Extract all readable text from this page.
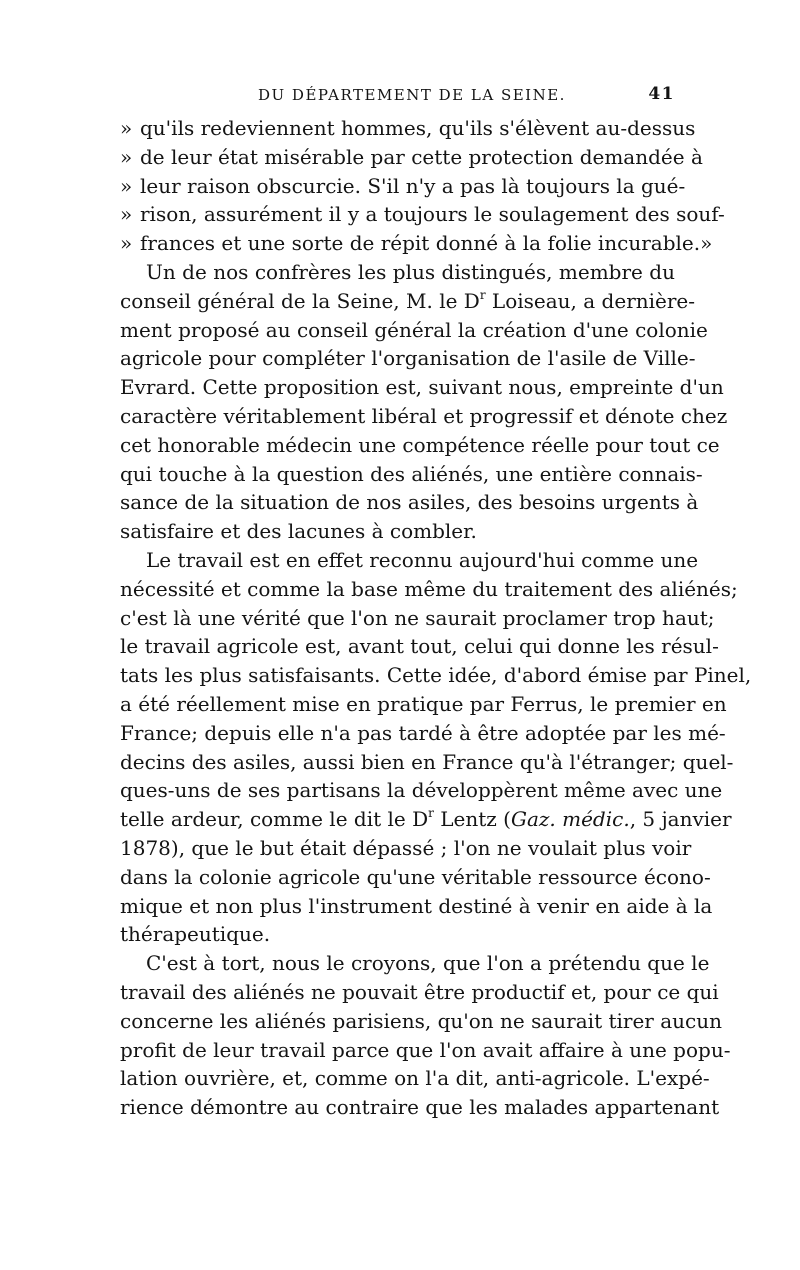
DU DÉPARTEMENT DE LA SEINE.	41
» qu'ils redeviennent hommes, qu'ils s'élèvent au-dessus
» de leur état misérable par cette protection demandée à
» leur raison obscurcie. S'il n'y a pas là toujours la gué-
» rison, assurément il y a toujours le soulagement des souf-
» frances et une sorte de répit donné à la folie incurable.»
Un de nos confrères les plus distingués, membre du
conseil général de la Seine, M. le $D^r$ Loiseau, a dernière-
ment proposé au conseil général la création d'une colonie
agricole pour compléter l'organisation de l'asile de Ville-
Evrard. Cette proposition est, suivant nous, empreinte d'un
caractère véritablement libéral et progressif et dénote chez
cet honorable médecin une compétence réelle pour tout ce
qui touche à la question des aliénés, une entière connais-
sance de la situation de nos asiles, des besoins urgents à
satisfaire et des lacunes à combler.
Le travail est en effet reconnu aujourd'hui comme une
nécessité et comme la base même du traitement des aliénés;
c'est là une vérité que l'on ne saurait proclamer trop haut;
le travail agricole est, avant tout, celui qui donne les résul-
tats les plus satisfaisants. Cette idée, d'abord émise par Pinel,
a été réellement mise en pratique par Ferrus, le premier en
France; depuis elle n'a pas tardé à être adoptée par les mé-
decins des asiles, aussi bien en France qu'à l'étranger; quel-
ques-uns de ses partisans la développèrent même avec une
telle ardeur, comme le dit le $D^r$ Lentz (Gaz. médic., 5 janvier
1878), que le but était dépassé ; l'on ne voulait plus voir
dans la colonie agricole qu'une véritable ressource écono-
mique et non plus l'instrument destiné à venir en aide à la
thérapeutique.
C'est à tort, nous le croyons, que l'on a prétendu que le
travail des aliénés ne pouvait être productif et, pour ce qui
concerne les aliénés parisiens, qu'on ne saurait tirer aucun
profit de leur travail parce que l'on avait affaire à une popu-
lation ouvrière, et, comme on l'a dit, anti-agricole. L'expé-
rience démontre au contraire que les malades appartenant
